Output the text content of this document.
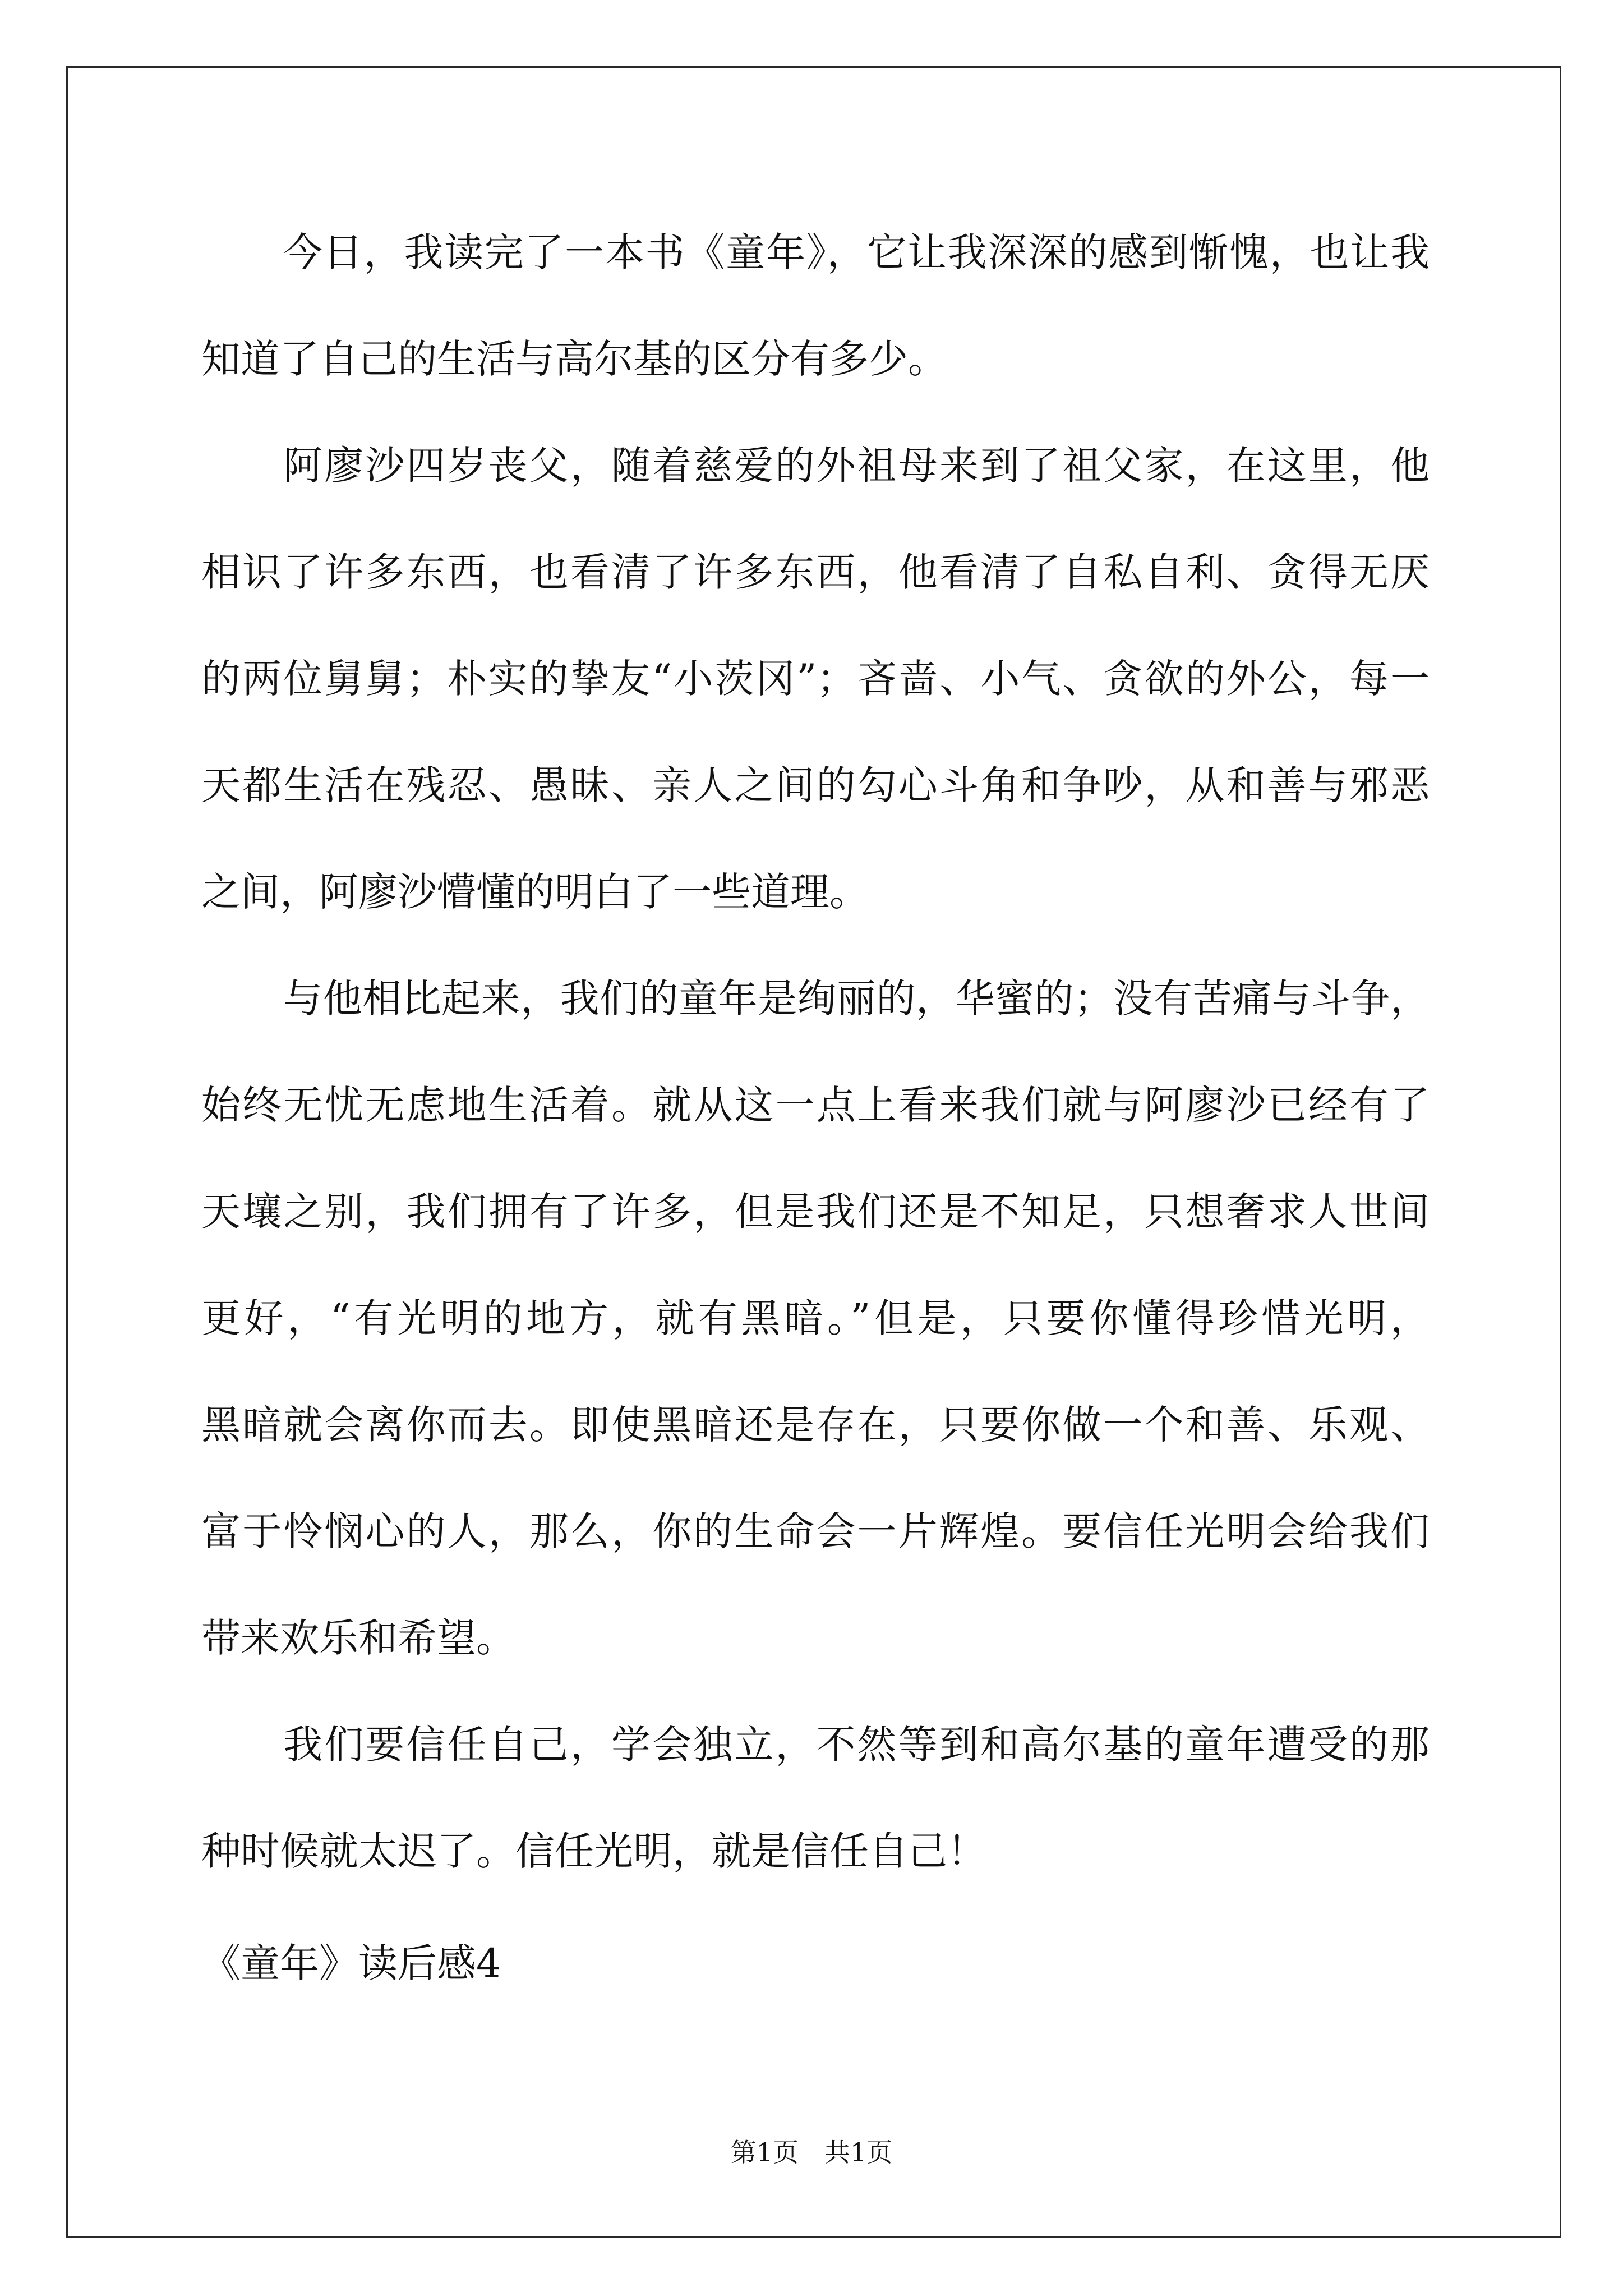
今日，我读完了一本书《童年》，它让我深深的感到惭愧，也让我
知道了自己的生活与高尔基的区分有多少。
阿廖沙四岁丧父，随着慈爱的外祖母来到了祖父家，在这里，他
相识了许多东西，也看清了许多东西，他看清了自私自利、贪得无厌
的两位舅舅；朴实的挚友“小茨冈”；吝啬、小气、贪欲的外公，每一
天都生活在残忍、愚昧、亲人之间的勾心斗角和争吵，从和善与邪恶
之间，阿廖沙懵懂的明白了一些道理。
与他相比起来，我们的童年是绚丽的，华蜜的；没有苦痛与斗争，
始终无忧无虑地生活着。就从这一点上看来我们就与阿廖沙已经有了
天壤之别，我们拥有了许多，但是我们还是不知足，只想奢求人世间
更好，“有光明的地方，就有黑暗。”但是，只要你懂得珍惜光明，
黑暗就会离你而去。即使黑暗还是存在，只要你做一个和善、乐观、
富于怜悯心的人，那么，你的生命会一片辉煌。要信任光明会给我们
带来欢乐和希望。
我们要信任自己，学会独立，不然等到和高尔基的童年遭受的那
种时候就太迟了。信任光明，就是信任自己！
《童年》读后感4
第1页　共1页
